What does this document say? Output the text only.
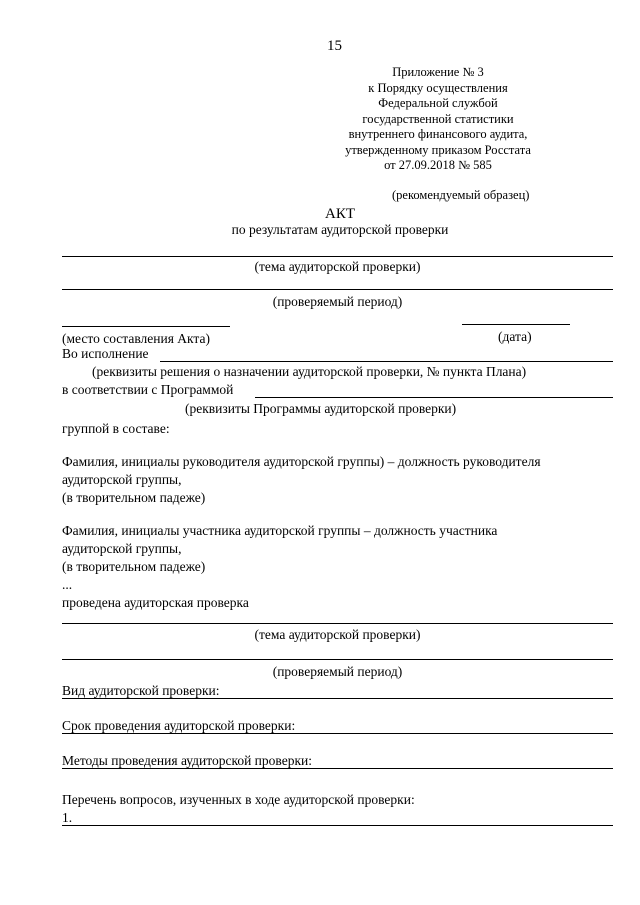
15
Приложение № 3
к Порядку осуществления
Федеральной службой
государственной статистики
внутреннего финансового аудита,
утвержденному приказом Росстата
от 27.09.2018 № 585
(рекомендуемый образец)
АКТ
по результатам аудиторской проверки
(тема аудиторской проверки)
(проверяемый период)
(место составления Акта)	(дата)
Во исполнение
(реквизиты решения о назначении аудиторской проверки, № пункта Плана)
в соответствии с Программой
(реквизиты Программы аудиторской проверки)
группой в составе:
Фамилия, инициалы руководителя аудиторской группы) – должность руководителя
аудиторской группы,
(в творительном падеже)
Фамилия, инициалы участника аудиторской группы – должность участника
аудиторской группы,
(в творительном падеже)
...
проведена аудиторская проверка
(тема аудиторской проверки)
(проверяемый период)
Вид аудиторской проверки:
Срок проведения аудиторской проверки:
Методы проведения аудиторской проверки:
Перечень вопросов, изученных в ходе аудиторской проверки:
1.
